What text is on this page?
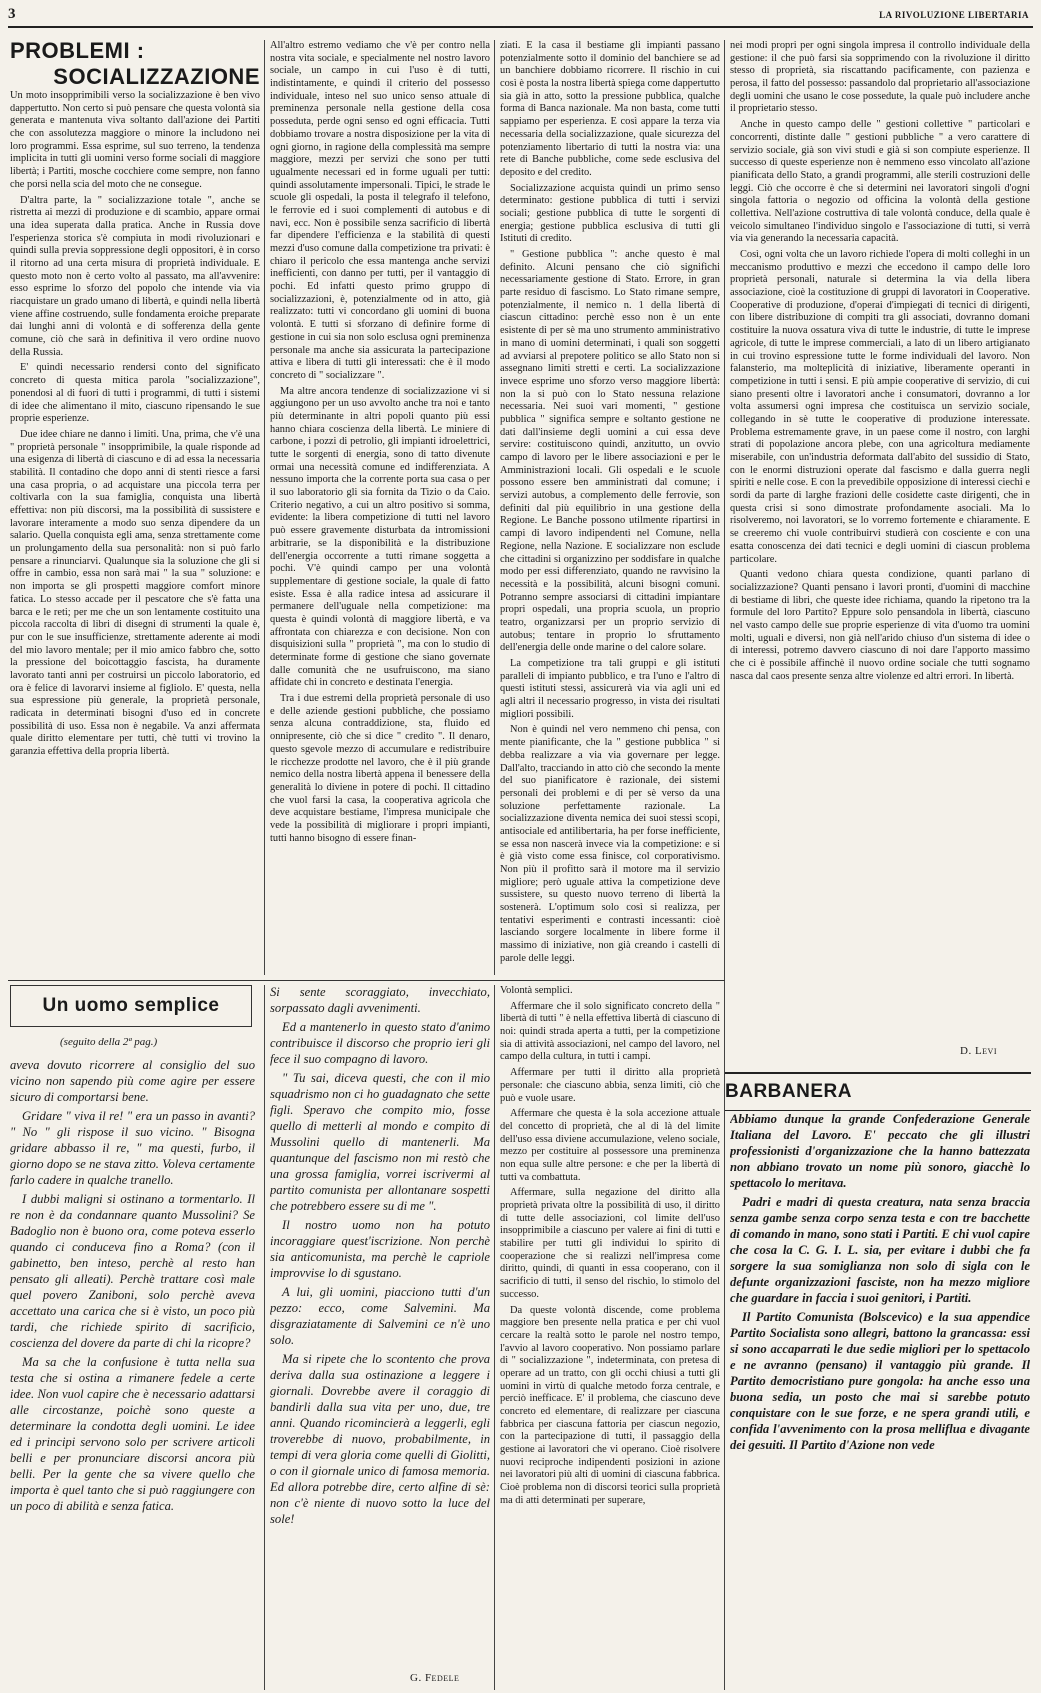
3	LA RIVOLUZIONE LIBERTARIA
PROBLEMI :
SOCIALIZZAZIONE

Un moto insopprimibili verso la socializzazione è ben vivo dappertutto. Non certo si può pensare che questa volontà sia generata e mantenuta viva soltanto dall'azione dei Partiti che con assolutezza maggiore o minore la includono nei loro programmi. Essa esprime, sul suo terreno, la tendenza implicita in tutti gli uomini verso forme sociali di maggiore libertà; i Partiti, mosche cocchiere come sempre, non fanno che porsi nella scia del moto che ne consegue.

D'altra parte, la " socializzazione totale ", anche se ristretta ai mezzi di produzione e di scambio, appare ormai una idea superata dalla pratica. Anche in Russia dove l'esperienza storica s'è compiuta in modi rivoluzionari e quindi sulla previa soppressione degli oppositori, è in corso il ritorno ad una certa misura di proprietà individuale. E questo moto non è certo volto al passato, ma all'avvenire: esso esprime lo sforzo del popolo che intende via via riacquistare un grado umano di libertà, e quindi nella libertà viene affine costruendo, sulle fondamenta eroiche preparate dai lunghi anni di volontà e di sofferenza della gente comune, ciò che sarà in definitiva il vero ordine nuovo della Russia.

E' quindi necessario rendersi conto del significato concreto di questa mitica parola "socializzazione", ponendosi al di fuori di tutti i programmi, di tutti i sistemi di idee che alimentano il mito, ciascuno ripensando le sue proprie esperienze.

Due idee chiare ne danno i limiti. Una, prima, che v'è una " proprietà personale " insopprimibile, la quale risponde ad una esigenza di libertà di ciascuno e di ad essa la necessaria stabilità. Il contadino che dopo anni di stenti riesce a farsi una casa propria, o ad acquistare una piccola terra per coltivarla con la sua famiglia, conquista una libertà effettiva: non più discorsi, ma la possibilità di sussistere e lavorare interamente a modo suo senza dipendere da un salario. Quella conquista egli ama, senza strettamente come un prolungamento della sua personalità: non si può farlo pensare a rinunciarvi. Qualunque sia la soluzione che gli si offre in cambio, essa non sarà mai " la sua " soluzione: e non importa se gli prospetti maggiore comfort minore fatica. Lo stesso accade per il pescatore che s'è fatta una barca e le reti; per me che un son lentamente costituito una piccola raccolta di libri di disegni di strumenti la quale è, pur con le sue insufficienze, strettamente aderente ai modi del mio lavoro mentale; per il mio amico fabbro che, sotto la pressione del boicottaggio fascista, ha duramente lavorato tanti anni per costruirsi un piccolo laboratorio, ed ora è felice di lavorarvi insieme al figliolo. E' questa, nella sua espressione più generale, la proprietà personale, radicata in determinati bisogni d'uso ed in concrete possibilità di uso. Essa non è negabile. Va anzi affermata quale diritto elementare per tutti, chè tutti vi trovino la garanzia effettiva della propria libertà.

All'altro estremo vediamo che v'è per contro nella nostra vita sociale, e specialmente nel nostro lavoro sociale, un campo in cui l'uso è di tutti, indistintamente, e quindi il criterio del possesso individuale, inteso nel suo unico senso attuale di preminenza personale nella gestione della cosa posseduta, perde ogni senso ed ogni efficacia. Tutti dobbiamo trovare a nostra disposizione per la vita di ogni giorno, in ragione della complessità ma sempre maggiore, mezzi per servizi che sono per tutti ugualmente necessari ed in forme uguali per tutti: quindi assolutamente impersonali. Tipici, le strade le scuole gli ospedali, la posta il telegrafo il telefono, le ferrovie ed i suoi complementi di autobus e di navi, ecc. Non è possibile senza sacrificio di libertà far dipendere l'efficienza e la stabilità di questi mezzi d'uso comune dalla competizione tra privati: è chiaro il pericolo che essa mantenga anche servizi inefficienti, con danno per tutti, per il vantaggio di pochi. Ed infatti questo primo gruppo di socializzazioni, è, potenzialmente od in atto, già realizzato: tutti vi concordano gli uomini di buona volontà. E tutti si sforzano di definire forme di gestione in cui sia non solo esclusa ogni preminenza personale ma anche sia assicurata la partecipazione attiva e libera di tutti gli interessati: che è il modo concreto di " socializzare ".

Ma altre ancora tendenze di socializzazione vi si aggiungono per un uso avvolto anche tra noi e tanto più determinante in altri popoli quanto più essi hanno chiara coscienza della libertà. Le miniere di carbone, i pozzi di petrolio, gli impianti idroelettrici, tutte le sorgenti di energia, sono di tatto divenute ormai una necessità comune ed indifferenziata. A nessuno importa che la corrente porta sua casa o per il suo laboratorio gli sia fornita da Tizio o da Caio. Criterio negativo, a cui un altro positivo si somma, evidente: la libera competizione di tutti nel lavoro può essere gravemente disturbata da intromissioni arbitrarie, se la disponibilità e la distribuzione dell'energia occorrente a tutti rimane soggetta a pochi. V'è quindi campo per una volontà supplementare di gestione sociale, la quale di fatto esiste. Essa è alla radice intesa ad assicurare il permanere dell'uguale nella competizione: ma questa è quindi volontà di maggiore libertà, e va affrontata con chiarezza e con decisione. Non con disquisizioni sulla " proprietà ", ma con lo studio di determinate forme di gestione che siano governate dalle comunità che ne usufruiscono, ma siano affidate chi in concreto e destinata l'energia.

Tra i due estremi della proprietà personale di uso e delle aziende gestioni pubbliche, che possiamo senza alcuna contraddizione, sta, fluido ed onnipresente, ciò che si dice " credito ". Il denaro, questo sgevole mezzo di accumulare e redistribuire le ricchezze prodotte nel lavoro, che è il più grande nemico della nostra libertà appena il benessere della generalità lo diviene in potere di pochi. Il cittadino che vuol farsi la casa, la cooperativa agricola che deve acquistare bestiame, l'impresa municipale che vede la possibilità di migliorare i propri impianti, tutti hanno bisogno di essere finan-

ziati. E la casa il bestiame gli impianti passano potenzialmente sotto il dominio del banchiere se ad un banchiere dobbiamo ricorrere. Il rischio in cui così è posta la nostra libertà spiega come dappertutto sia già in atto, sotto la pressione pubblica, qualche forma di Banca nazionale. Ma non basta, come tutti sappiamo per esperienza. E così appare la terza via necessaria della socializzazione, quale sicurezza del potenziamento libertario di tutti la nostra via: una rete di Banche pubbliche, come sede esclusiva del deposito e del credito.

Socializzazione acquista quindi un primo senso determinato: gestione pubblica di tutti i servizi sociali; gestione pubblica di tutte le sorgenti di energia; gestione pubblica esclusiva di tutti gli Istituti di credito.

" Gestione pubblica ": anche questo è mal definito. Alcuni pensano che ciò significhi necessariamente gestione di Stato. Errore, in gran parte residuo di fascismo. Lo Stato rimane sempre, potenzialmente, il nemico n. 1 della libertà di ciascun cittadino: perchè esso non è un ente esistente di per sè ma uno strumento amministrativo in mano di uomini determinati, i quali son soggetti ad avviarsi al prepotere politico se allo Stato non si assegnano limiti stretti e certi. La socializzazione invece esprime uno sforzo verso maggiore libertà: non la si può con lo Stato nessuna relazione necessaria. Nei suoi vari momenti, " gestione pubblica " significa sempre e soltanto gestione ne dati dall'insieme degli uomini a cui essa deve servire: costituiscono quindi, anzitutto, un ovvio campo di lavoro per le libere associazioni e per le Amministrazioni locali. Gli ospedali e le scuole possono essere ben amministrati dal comune; i servizi autobus, a complemento delle ferrovie, son definiti dal più equilibrio in una gestione della Regione. Le Banche possono utilmente ripartirsi in campi di lavoro indipendenti nel Comune, nella Regione, nella Nazione. E socializzare non esclude che cittadini si organizzino per soddisfare in qualche modo per essi differenziato, quando ne ravvisino la necessità e la possibilità, alcuni bisogni comuni. Potranno sempre associarsi di cittadini impiantare propri ospedali, una propria scuola, un proprio teatro, organizzarsi per un proprio servizio di autobus; tentare in proprio lo sfruttamento dell'energia delle onde marine o del calore solare.

La competizione tra tali gruppi e gli istituti paralleli di impianto pubblico, e tra l'uno e l'altro di questi istituti stessi, assicurerà via via agli uni ed agli altri il necessario progresso, in vista dei risultati migliori possibili.

Non è quindi nel vero nemmeno chi pensa, con mente pianificante, che la " gestione pubblica " si debba realizzare a via via governare per legge. Dall'alto, tracciando in atto ciò che secondo la mente del suo pianificatore è razionale, dei sistemi personali dei problemi e di per sè verso da una soluzione perfettamente razionale. La socializzazione diventa nemica dei suoi stessi scopi, antisociale ed antilibertaria, ha per forse inefficiente, se essa non nascerà invece via la competizione: e si è già visto come essa finisce, col corporativismo. Non più il profitto sarà il motore ma il servizio migliore; però uguale attiva la competizione deve sussistere, su questo nuovo terreno di libertà la sostenerà. L'optimum solo così si realizza, per tentativi esperimenti e contrasti incessanti: cioè lasciando sorgere localmente in libere forme il massimo di iniziative, non già creando i castelli di parole delle leggi.

nei modi propri per ogni singola impresa il controllo individuale della gestione: il che può farsi sia sopprimendo con la rivoluzione il diritto stesso di proprietà, sia riscattando pacificamente, con pazienza e perosa, il fatto del possesso: passandolo dal proprietario all'associazione degli uomini che usano le cose possedute, la quale può includere anche il proprietario stesso.

Anche in questo campo delle " gestioni collettive " particolari e concorrenti, distinte dalle " gestioni pubbliche " a vero carattere di servizio sociale, già son vivi studi e già si son compiute esperienze. Il successo di queste esperienze non è nemmeno esso vincolato all'azione pianificata dello Stato, a grandi programmi, alle sterili costruzioni delle leggi. Ciò che occorre è che si determini nei lavoratori singoli d'ogni singola fattoria o negozio od officina la volontà della gestione collettiva. Nell'azione costruttiva di tale volontà conduce, della quale è veicolo simultaneo l'individuo singolo e l'associazione di tutti, si verrà via via generando la necessaria capacità.

Così, ogni volta che un lavoro richiede l'opera di molti colleghi in un meccanismo produttivo e mezzi che eccedono il campo delle loro proprietà personali, naturale si determina la via della libera associazione, cioè la costituzione di gruppi di lavoratori in Cooperative. Cooperative di produzione, d'operai d'impiegati di tecnici di dirigenti, con libere distribuzione di compiti tra gli associati, dovranno domani costituire la nuova ossatura viva di tutte le industrie, di tutte le imprese agricole, di tutte le imprese commerciali, a lato di un libero artigianato in cui trovino espressione tutte le forme individuali del lavoro. Non falansterio, ma molteplicità di iniziative, liberamente operanti in competizione in tutti i sensi. E più ampie cooperative di servizio, di cui siano presenti oltre i lavoratori anche i consumatori, dovranno a lor volta assumersi ogni impresa che costituisca un servizio sociale, collegando in sè tutte le cooperative di produzione interessate. Problema estremamente grave, in un paese come il nostro, con larghi strati di popolazione ancora plebe, con una agricoltura mediamente miserabile, con un'industria deformata dall'abito del sussidio di Stato, con le enormi distruzioni operate dal fascismo e dalla guerra negli spiriti e nelle cose. E con la prevedibile opposizione di interessi ciechi e sordi da parte di larghe frazioni delle cosidette caste dirigenti, che in questa crisi si sono dimostrate profondamente asociali. Ma lo risolveremo, noi lavoratori, se lo vorremo fortemente e chiaramente. E se creeremo chi vuole contribuirvi studierà con cosciente e con una esatta conoscenza dei dati tecnici e degli uomini di ciascun problema particolare.

Quanti vedono chiara questa condizione, quanti parlano di socializzazione? Quanti pensano i lavori pronti, d'uomini di macchine di bestiame di libri, che queste idee richiama, quando la ripetono tra la formule del loro Partito? Eppure solo pensandola in libertà, ciascuno nel vasto campo delle sue proprie esperienze di vita d'uomo tra uomini molti, uguali e diversi, non già nell'arido chiuso d'un sistema di idee o di interessi, potremo davvero ciascuno di noi dare l'apporto massimo che ci è possibile affinchè il nuovo ordine sociale che tutti sognamo nasca dal caos presente senza altre violenze ed altri errori. In libertà.

D. Levi
Un uomo semplice
(seguito della 2ª pag.)

aveva dovuto ricorrere al consiglio del suo vicino non sapendo più come agire per essere sicuro di comportarsi bene.

Gridare " viva il re! " era un passo in avanti? " No " gli rispose il suo vicino. " Bisogna gridare abbasso il re, " ma questi, furbo, il giorno dopo se ne stava zitto. Voleva certamente farlo cadere in qualche tranello.

I dubbi maligni si ostinano a tormentarlo. Il re non è da condannare quanto Mussolini? Se Badoglio non è buono ora, come poteva esserlo quando ci conduceva fino a Roma? (con il gabinetto, ben inteso, perchè al resto han pensato gli alleati). Perchè trattare così male quel povero Zaniboni, solo perchè aveva accettato una carica che si è visto, un poco più tardi, che richiede spirito di sacrificio, coscienza del dovere da parte di chi la ricopre?

Ma sa che la confusione è tutta nella sua testa che si ostina a rimanere fedele a certe idee. Non vuol capire che è necessario adattarsi alle circostanze, poichè sono queste a determinare la condotta degli uomini. Le idee ed i principi servono solo per scrivere articoli belli e per pronunciare discorsi ancora più belli. Per la gente che sa vivere quello che importa è quel tanto che si può raggiungere con un poco di abilità e senza fatica.

Si sente scoraggiato, invecchiato, sorpassato dagli avvenimenti.

Ed a mantenerlo in questo stato d'animo contribuisce il discorso che proprio ieri gli fece il suo compagno di lavoro.

" Tu sai, diceva questi, che con il mio squadrismo non ci ho guadagnato che sette figli. Speravo che compito mio, fosse quello di metterli al mondo e compito di Mussolini quello di mantenerli. Ma quantunque del fascismo non mi restò che una grossa famiglia, vorrei iscrivermi al partito comunista per allontanare sospetti che potrebbero essere su di me ".

Il nostro uomo non ha potuto incoraggiare quest'iscrizione. Non perchè sia anticomunista, ma perchè le capriole improvvise lo di sgustano.

A lui, gli uomini, piacciono tutti d'un pezzo: ecco, come Salvemini. Ma disgraziatamente di Salvemini ce n'è uno solo.

Ma si ripete che lo scontento che prova deriva dalla sua ostinazione a leggere i giornali. Dovrebbe avere il coraggio di bandirli dalla sua vita per uno, due, tre anni. Quando ricomincierà a leggerli, egli troverebbe di nuovo, probabilmente, in tempi di vera gloria come quelli di Giolitti, o con il giornale unico di famosa memoria. Ed allora potrebbe dire, certo alfine di sè: non c'è niente di nuovo sotto la luce del sole!

G. Fedele

Volontà semplici.

Affermare che il solo significato concreto della " libertà di tutti " è nella effettiva libertà di ciascuno di noi: quindi strada aperta a tutti, per la competizione sia di attività associazioni, nel campo del lavoro, nel campo della cultura, in tutti i campi.

Affermare per tutti il diritto alla proprietà personale: che ciascuno abbia, senza limiti, ciò che può e vuole usare.

Affermare che questa è la sola accezione attuale del concetto di proprietà, che al di là del limite dell'uso essa diviene accumulazione, veleno sociale, mezzo per costituire al possessore una preminenza non equa sulle altre persone: e che per la libertà di tutti va combattuta.

Affermare, sulla negazione del diritto alla proprietà privata oltre la possibilità di uso, il diritto di tutte delle associazioni, col limite dell'uso insopprimibile a ciascuno per valere ai fini di tutti e stabilire per tutti gli individui lo spirito di cooperazione che si realizzi nell'impresa come diritto, quindi, di quanti in essa cooperano, con il sacrificio di tutti, il senso del rischio, lo stimolo del successo.

Da queste volontà discende, come problema maggiore ben presente nella pratica e per chi vuol cercare la realtà sotto le parole nel nostro tempo, l'avvio al lavoro cooperativo. Non possiamo parlare di " socializzazione ", indeterminata, con pretesa di operare ad un tratto, con gli occhi chiusi a tutti gli uomini in virtù di qualche metodo forza centrale, e perciò inefficace. E' il problema, che ciascuno deve concreto ed elementare, di realizzare per ciascuna fabbrica per ciascuna fattoria per ciascun negozio, con la partecipazione di tutti, il passaggio della gestione ai lavoratori che vi operano. Cioè risolvere nuovi reciproche indipendenti posizioni in azione nei lavoratori più alti di uomini di ciascuna fabbrica. Cioè problema non di discorsi teorici sulla proprietà ma di atti determinati per superare,

BARBANERA

Abbiamo dunque la grande Confederazione Generale Italiana del Lavoro. E' peccato che gli illustri professionisti d'organizzazione che la hanno battezzata non abbiano trovato un nome più sonoro, giacchè lo spettacolo lo meritava.

Padri e madri di questa creatura, nata senza braccia senza gambe senza corpo senza testa e con tre bacchette di comando in mano, sono stati i Partiti. E chi vuol capire che cosa la C. G. I. L. sia, per evitare i dubbi che fa sorgere la sua somiglianza non solo di sigla con le defunte organizzazioni fasciste, non ha mezzo migliore che guardare in faccia i suoi genitori, i Partiti.

Il Partito Comunista (Bolscevico) e la sua appendice Partito Socialista sono allegri, battono la grancassa: essi si sono accaparrati le due sedie migliori per lo spettacolo e ne avranno (pensano) il vantaggio più grande. Il Partito democristiano pure gongola: ha anche esso una buona sedia, un posto che mai si sarebbe potuto conquistare con le sue forze, e ne spera grandi utili, e confida l'avvenimento con la prosa melliflua e divagante dei gesuiti. Il Partito d'Azione non vede
